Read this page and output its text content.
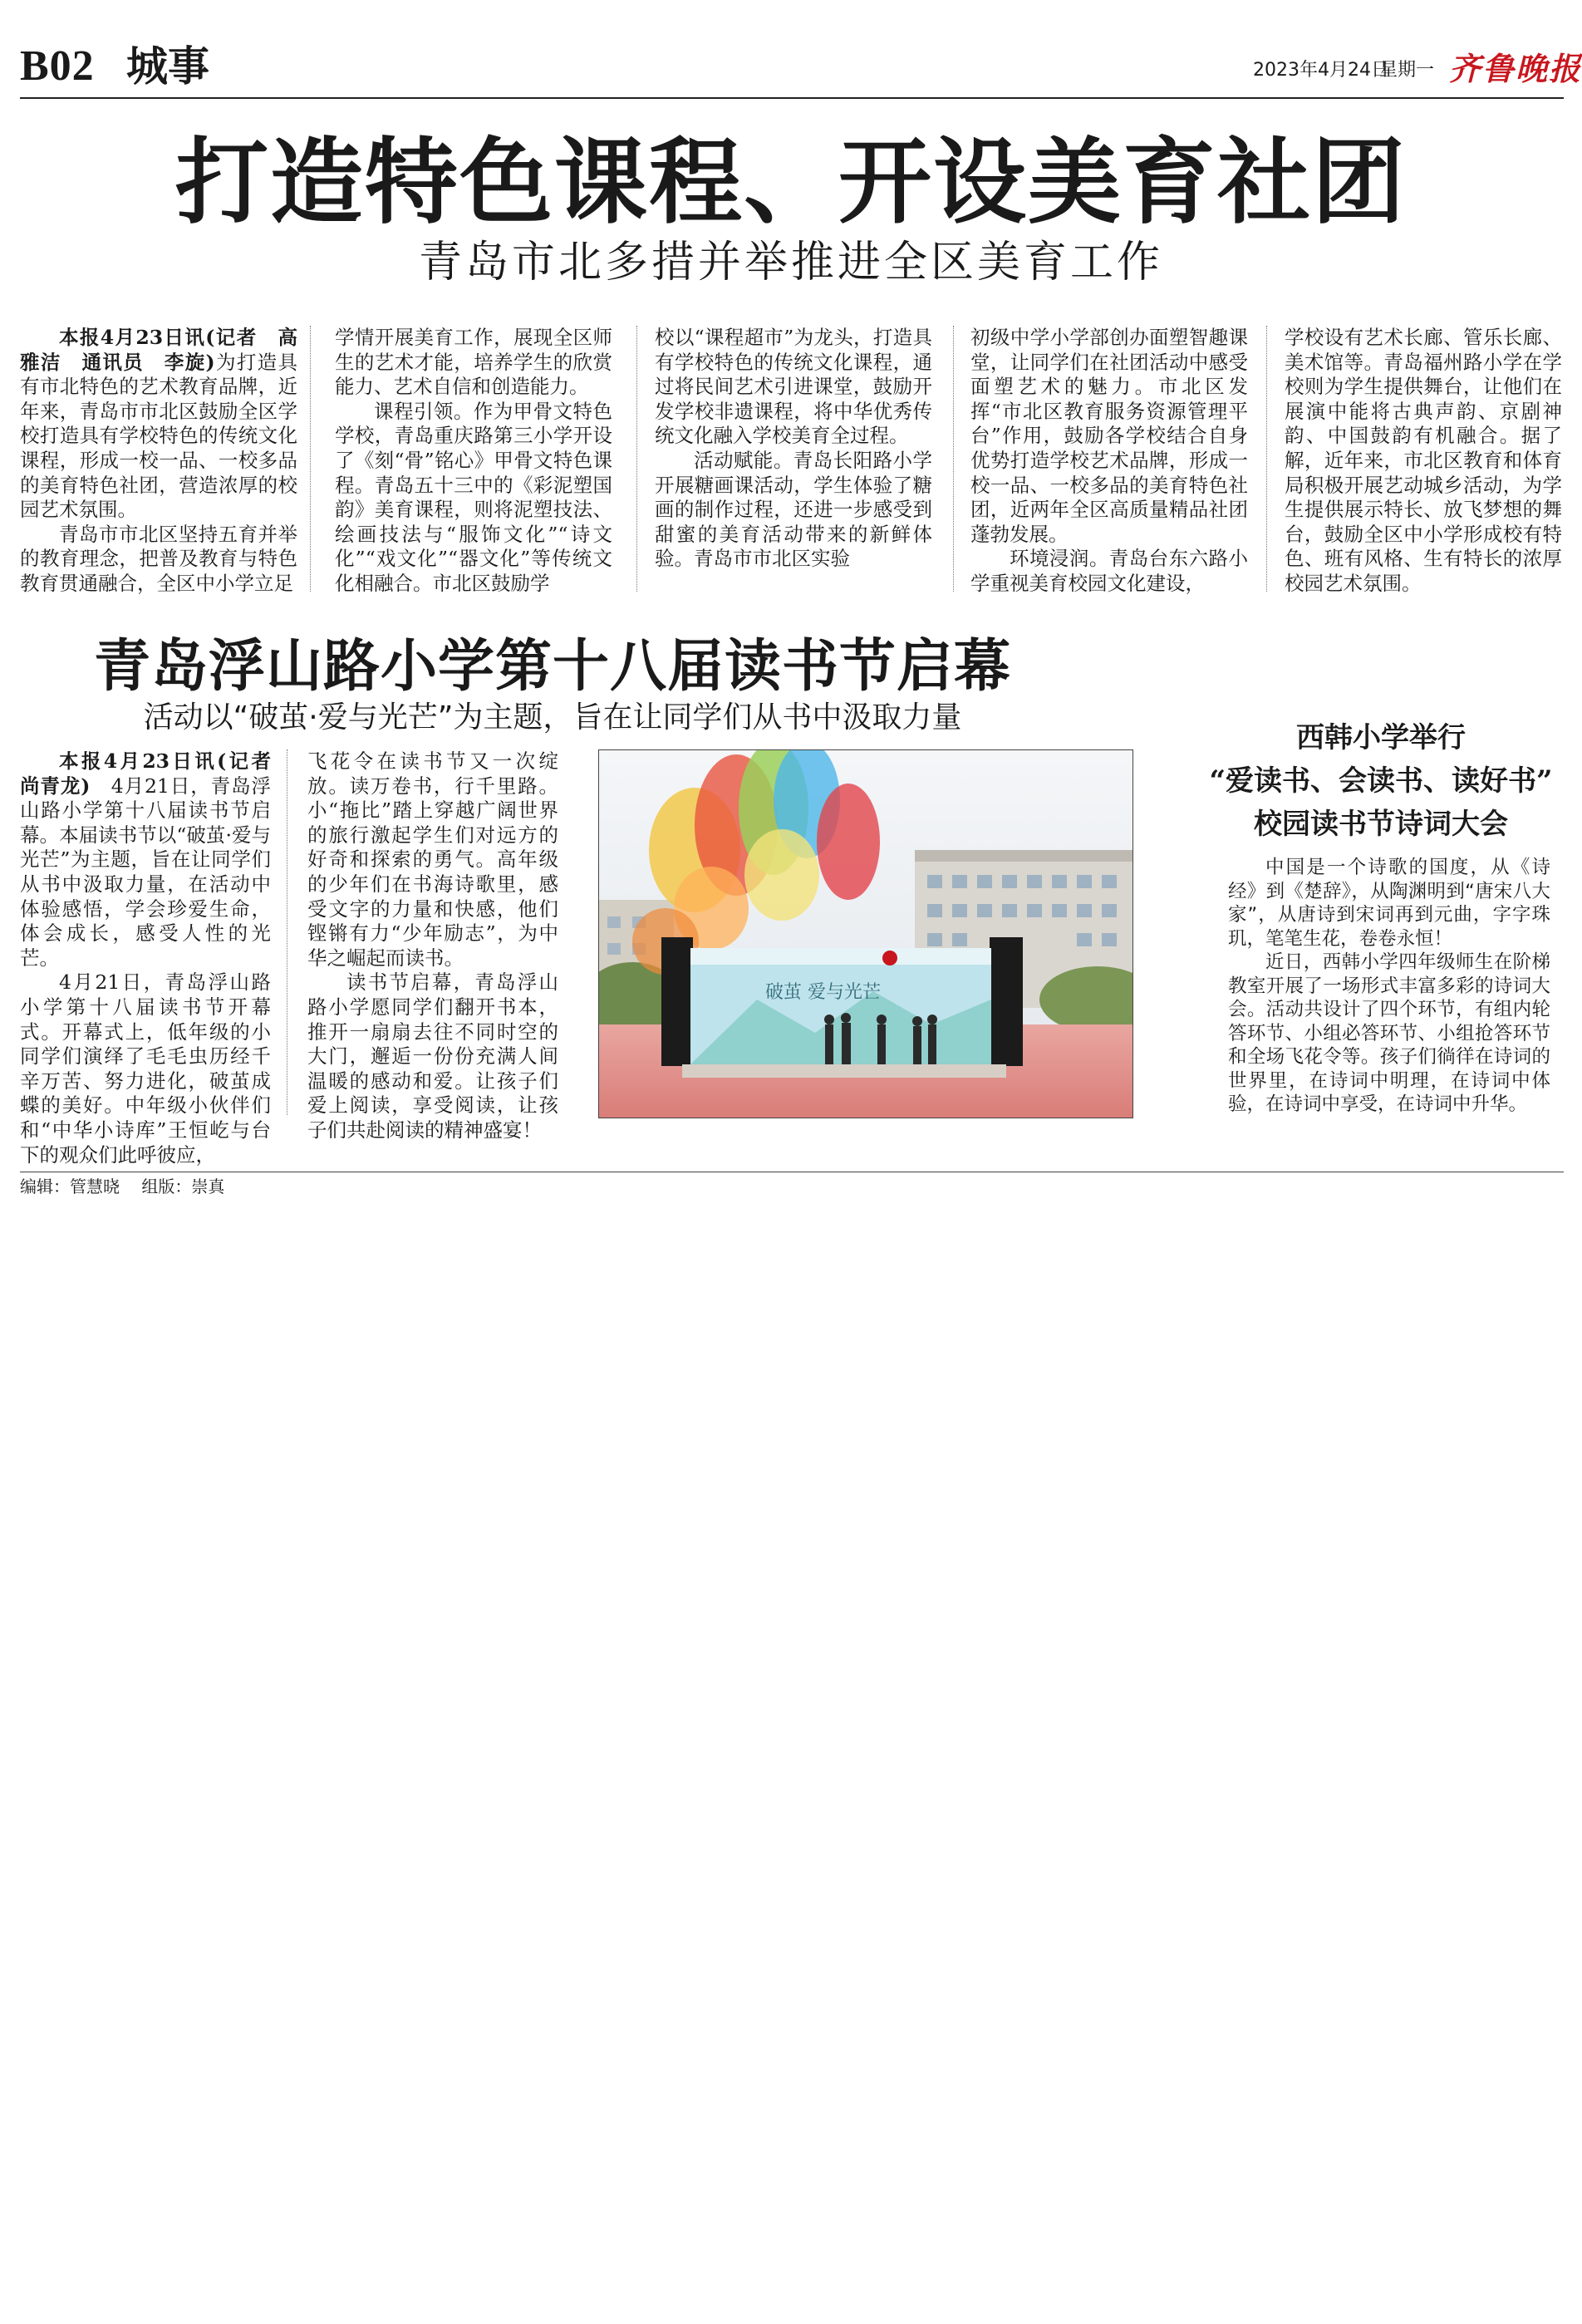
B02 城事	2023年4月24日
星期一 齐鲁晚报
打造特色课程、开设美育社团
青岛市北多措并举推进全区美育工作

本报4月23日讯(记者　高雅洁　通讯员　李旋)为打造具有市北特色的艺术教育品牌，近年来，青岛市市北区鼓励全区学校打造具有学校特色的传统文化课程，形成一校一品、一校多品的美育特色社团，营造浓厚的校园艺术氛围。

青岛市市北区坚持五育并举的教育理念，把普及教育与特色教育贯通融合，全区中小学立足

学情开展美育工作，展现全区师生的艺术才能，培养学生的欣赏能力、艺术自信和创造能力。

课程引领。作为甲骨文特色学校，青岛重庆路第三小学开设了《刻“骨”铭心》甲骨文特色课程。青岛五十三中的《彩泥塑国韵》美育课程，则将泥塑技法、绘画技法与“服饰文化”“诗文化”“戏文化”“器文化”等传统文化相融合。市北区鼓励学

校以“课程超市”为龙头，打造具有学校特色的传统文化课程，通过将民间艺术引进课堂，鼓励开发学校非遗课程，将中华优秀传统文化融入学校美育全过程。

活动赋能。青岛长阳路小学开展糖画课活动，学生体验了糖画的制作过程，还进一步感受到甜蜜的美育活动带来的新鲜体验。青岛市市北区实验

初级中学小学部创办面塑智趣课堂，让同学们在社团活动中感受面塑艺术的魅力。市北区发挥“市北区教育服务资源管理平台”作用，鼓励各学校结合自身优势打造学校艺术品牌，形成一校一品、一校多品的美育特色社团，近两年全区高质量精品社团蓬勃发展。

环境浸润。青岛台东六路小学重视美育校园文化建设，

学校设有艺术长廊、管乐长廊、美术馆等。青岛福州路小学在学校则为学生提供舞台，让他们在展演中能将古典声韵、京剧神韵、中国鼓韵有机融合。据了解，近年来，市北区教育和体育局积极开展艺动城乡活动，为学生提供展示特长、放飞梦想的舞台，鼓励全区中小学形成校有特色、班有风格、生有特长的浓厚校园艺术氛围。

青岛浮山路小学第十八届读书节启幕
活动以“破茧·爱与光芒”为主题，旨在让同学们从书中汲取力量

本报4月23日讯(记者　尚青龙)　 4月21日，青岛浮山路小学第十八届读书节启幕。本届读书节以“破茧·爱与光芒”为主题，旨在让同学们从书中汲取力量，在活动中体验感悟，学会珍爱生命，体会成长，感受人性的光芒。

4月21日，青岛浮山路小学第十八届读书节开幕式。开幕式上，低年级的小同学们演绎了毛毛虫历经千辛万苦、努力进化，破茧成蝶的美好。中年级小伙伴们和“中华小诗库”王恒屹与台下的观众们此呼彼应，

飞花令在读书节又一次绽放。读万卷书，行千里路。小“拖比”踏上穿越广阔世界的旅行激起学生们对远方的好奇和探索的勇气。高年级的少年们在书海诗歌里，感受文字的力量和快感，他们铿锵有力“少年励志”，为中华之崛起而读书。

读书节启幕，青岛浮山路小学愿同学们翻开书本，推开一扇扇去往不同时空的大门，邂逅一份份充满人间温暖的感动和爱。让孩子们爱上阅读，享受阅读，让孩子们共赴阅读的精神盛宴！

破茧 爱与光芒
西韩小学举行
“爱读书、会读书、读好书”
校园读书节诗词大会

中国是一个诗歌的国度，从《诗经》到《楚辞》，从陶渊明到“唐宋八大家”，从唐诗到宋词再到元曲，字字珠玑，笔笔生花，卷卷永恒！

近日，西韩小学四年级师生在阶梯教室开展了一场形式丰富多彩的诗词大会。活动共设计了四个环节，有组内轮答环节、小组必答环节、小组抢答环节和全场飞花令等。孩子们徜徉在诗词的世界里，在诗词中明理，在诗词中体验，在诗词中享受，在诗词中升华。

编辑：管慧晓 组版：崇真
